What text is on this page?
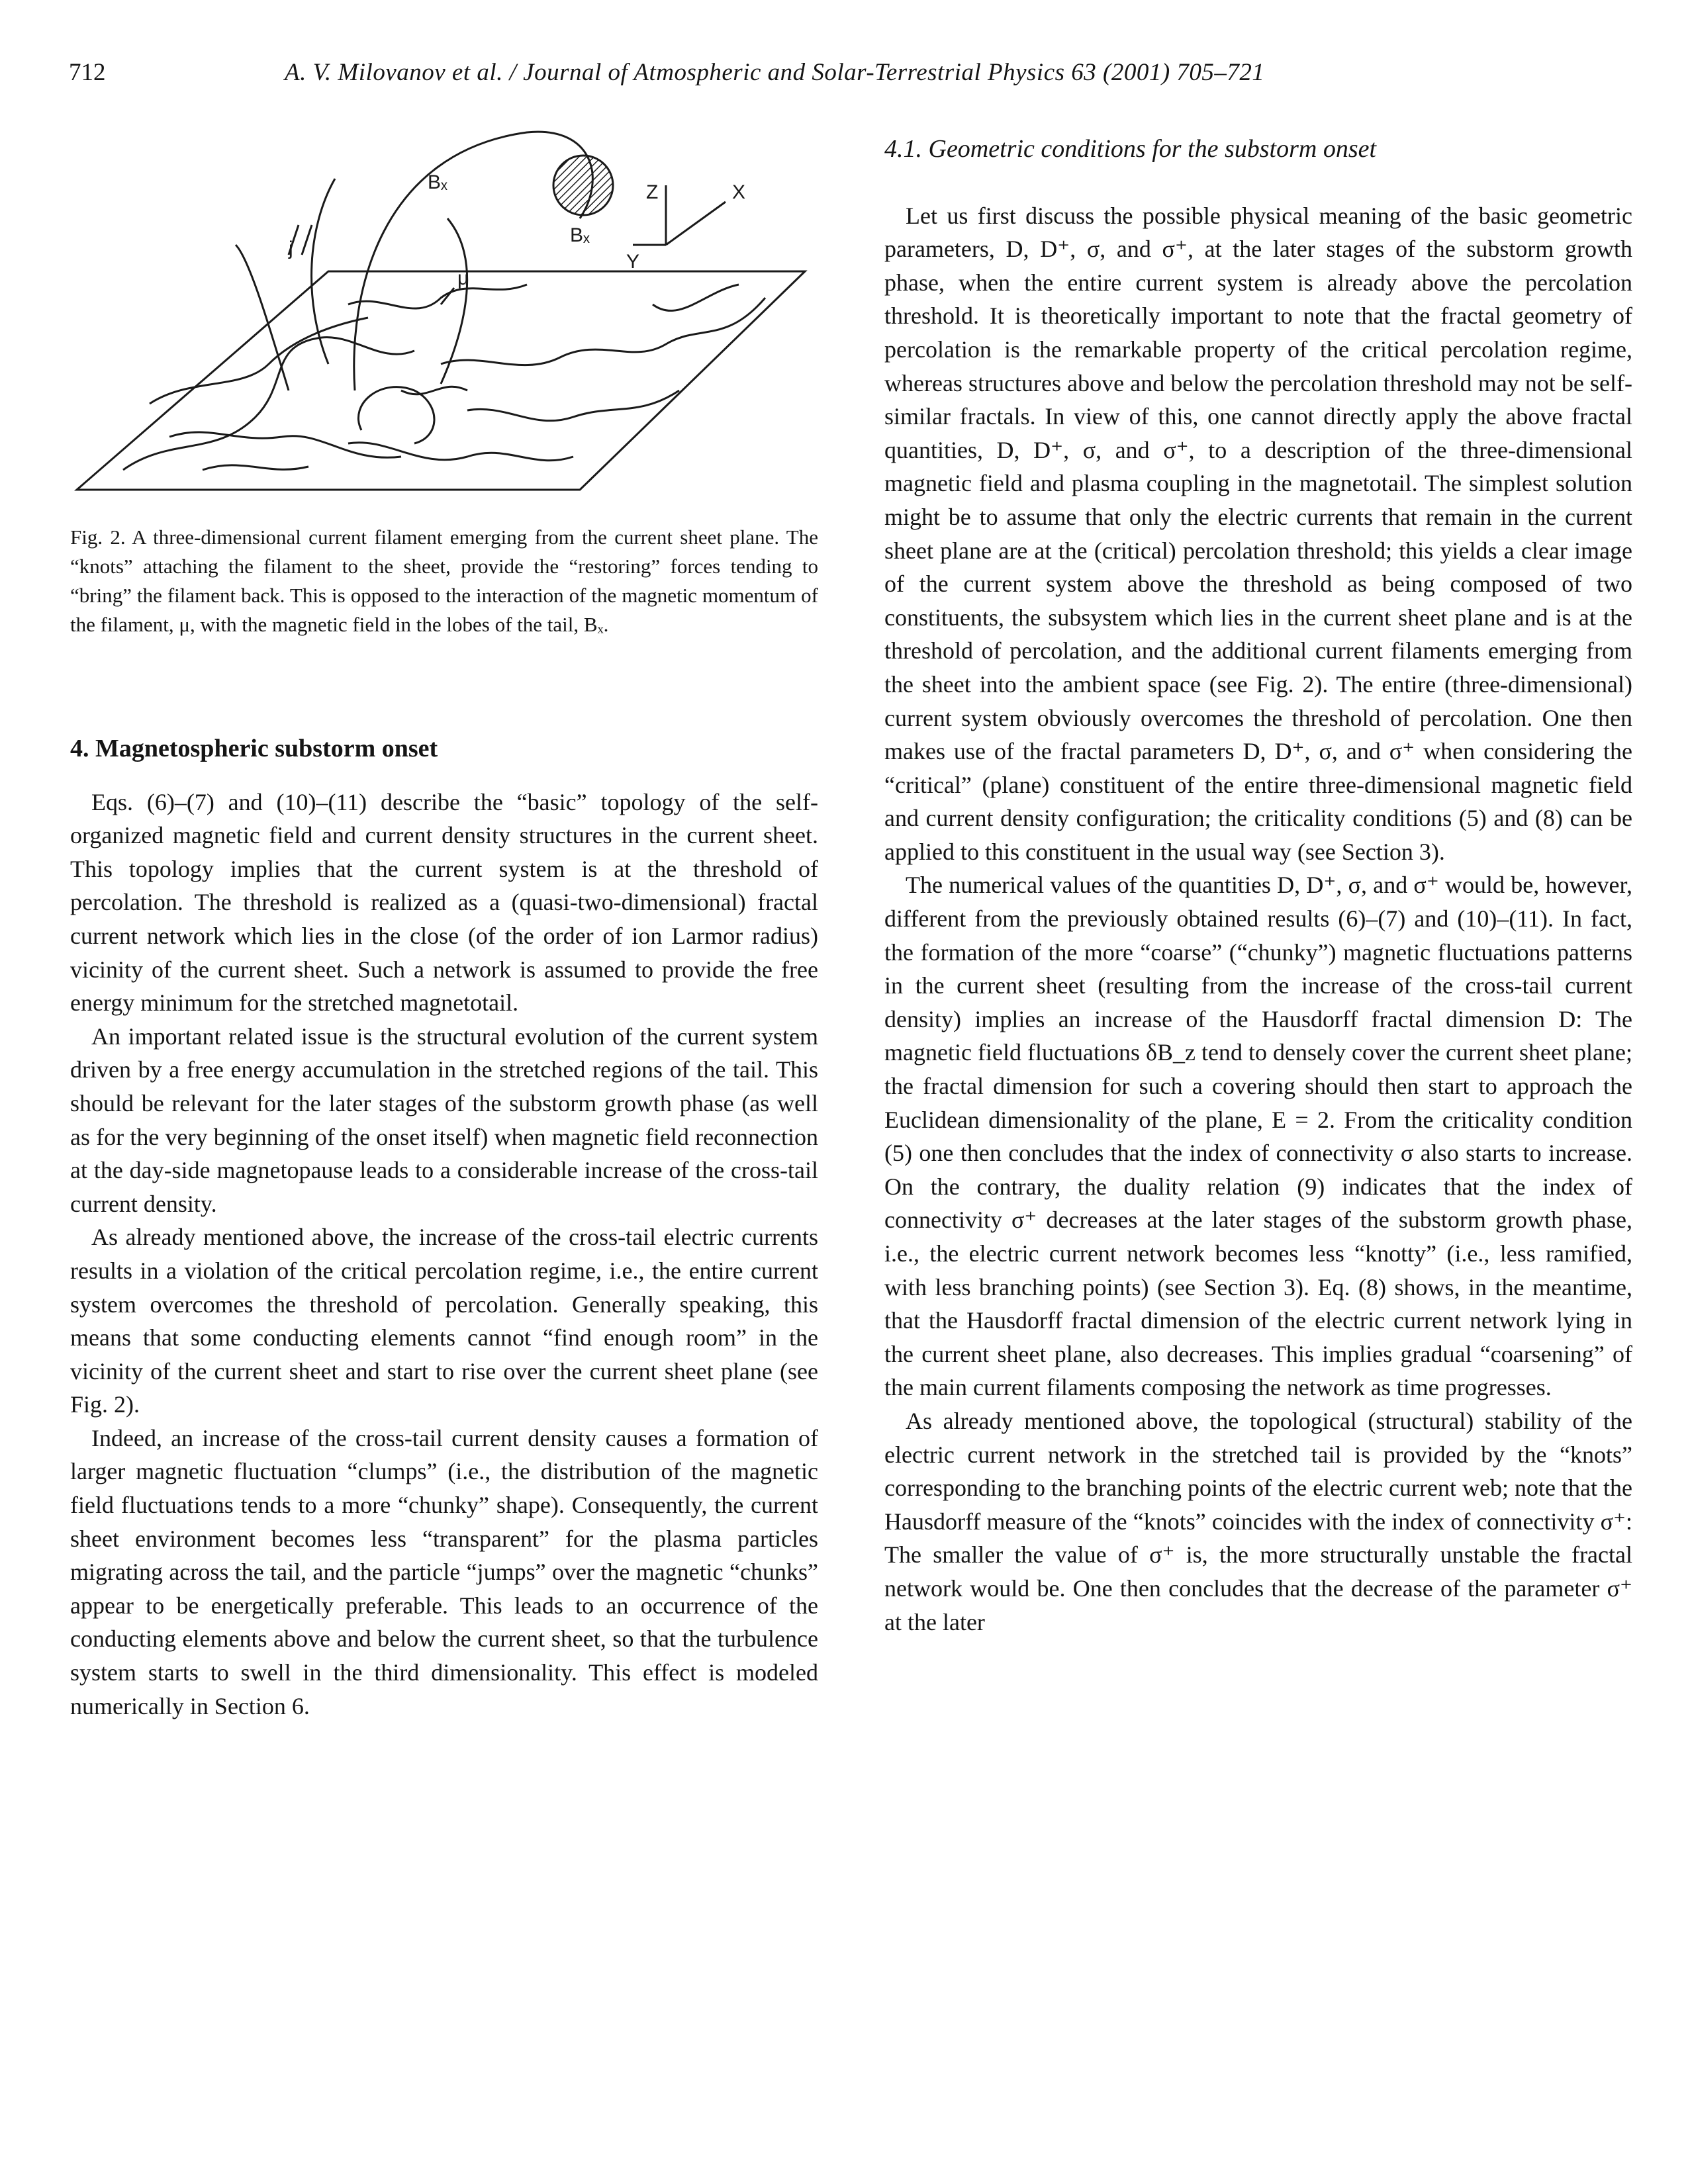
712	A. V. Milovanov et al. / Journal of Atmospheric and Solar-Terrestrial Physics 63 (2001) 705–721
Bₓ
Bₓ
j
μ
Z	X
Y
Fig. 2. A three-dimensional current filament emerging from the current sheet plane. The “knots” attaching the filament to the sheet, provide the “restoring” forces tending to “bring” the filament back. This is opposed to the interaction of the magnetic momentum of the filament, μ, with the magnetic field in the lobes of the tail, Bₓ.
4. Magnetospheric substorm onset

Eqs. (6)–(7) and (10)–(11) describe the “basic” topology of the self-organized magnetic field and current density structures in the current sheet. This topology implies that the current system is at the threshold of percolation. The threshold is realized as a (quasi-two-dimensional) fractal current network which lies in the close (of the order of ion Larmor radius) vicinity of the current sheet. Such a network is assumed to provide the free energy minimum for the stretched magnetotail.

An important related issue is the structural evolution of the current system driven by a free energy accumulation in the stretched regions of the tail. This should be relevant for the later stages of the substorm growth phase (as well as for the very beginning of the onset itself) when magnetic field reconnection at the day-side magnetopause leads to a considerable increase of the cross-tail current density.

As already mentioned above, the increase of the cross-tail electric currents results in a violation of the critical percolation regime, i.e., the entire current system overcomes the threshold of percolation. Generally speaking, this means that some conducting elements cannot “find enough room” in the vicinity of the current sheet and start to rise over the current sheet plane (see Fig. 2).

Indeed, an increase of the cross-tail current density causes a formation of larger magnetic fluctuation “clumps” (i.e., the distribution of the magnetic field fluctuations tends to a more “chunky” shape). Consequently, the current sheet environment becomes less “transparent” for the plasma particles migrating across the tail, and the particle “jumps” over the magnetic “chunks” appear to be energetically preferable. This leads to an occurrence of the conducting elements above and below the current sheet, so that the turbulence system starts to swell in the third dimensionality. This effect is modeled numerically in Section 6.

4.1. Geometric conditions for the substorm onset

Let us first discuss the possible physical meaning of the basic geometric parameters, D, D⁺, σ, and σ⁺, at the later stages of the substorm growth phase, when the entire current system is already above the percolation threshold. It is theoretically important to note that the fractal geometry of percolation is the remarkable property of the critical percolation regime, whereas structures above and below the percolation threshold may not be self-similar fractals. In view of this, one cannot directly apply the above fractal quantities, D, D⁺, σ, and σ⁺, to a description of the three-dimensional magnetic field and plasma coupling in the magnetotail. The simplest solution might be to assume that only the electric currents that remain in the current sheet plane are at the (critical) percolation threshold; this yields a clear image of the current system above the threshold as being composed of two constituents, the subsystem which lies in the current sheet plane and is at the threshold of percolation, and the additional current filaments emerging from the sheet into the ambient space (see Fig. 2). The entire (three-dimensional) current system obviously overcomes the threshold of percolation. One then makes use of the fractal parameters D, D⁺, σ, and σ⁺ when considering the “critical” (plane) constituent of the entire three-dimensional magnetic field and current density configuration; the criticality conditions (5) and (8) can be applied to this constituent in the usual way (see Section 3).

The numerical values of the quantities D, D⁺, σ, and σ⁺ would be, however, different from the previously obtained results (6)–(7) and (10)–(11). In fact, the formation of the more “coarse” (“chunky”) magnetic fluctuations patterns in the current sheet (resulting from the increase of the cross-tail current density) implies an increase of the Hausdorff fractal dimension D: The magnetic field fluctuations δB_z tend to densely cover the current sheet plane; the fractal dimension for such a covering should then start to approach the Euclidean dimensionality of the plane, E = 2. From the criticality condition (5) one then concludes that the index of connectivity σ also starts to increase. On the contrary, the duality relation (9) indicates that the index of connectivity σ⁺ decreases at the later stages of the substorm growth phase, i.e., the electric current network becomes less “knotty” (i.e., less ramified, with less branching points) (see Section 3). Eq. (8) shows, in the meantime, that the Hausdorff fractal dimension of the electric current network lying in the current sheet plane, also decreases. This implies gradual “coarsening” of the main current filaments composing the network as time progresses.

As already mentioned above, the topological (structural) stability of the electric current network in the stretched tail is provided by the “knots” corresponding to the branching points of the electric current web; note that the Hausdorff measure of the “knots” coincides with the index of connectivity σ⁺: The smaller the value of σ⁺ is, the more structurally unstable the fractal network would be. One then concludes that the decrease of the parameter σ⁺ at the later
